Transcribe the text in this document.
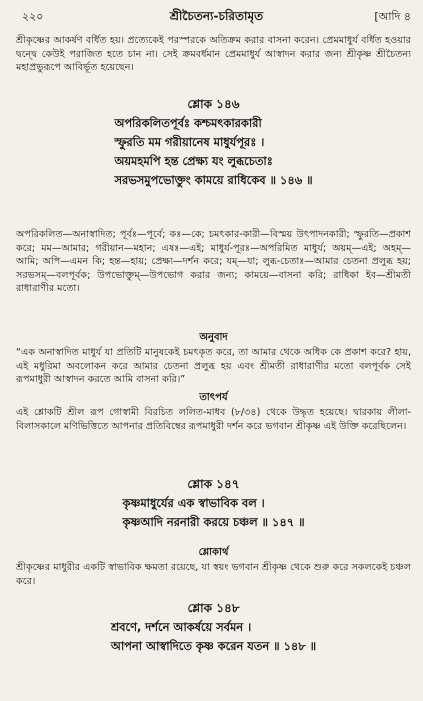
২২০	শ্রীচৈতন্য-চরিতামৃত	[আদি ৪

শ্রীকৃষ্ণের আকর্ষণ বর্ধিত হয়। প্রত্যেকেই পরস্পরকে অতিক্রম করার বাসনা করেন। প্রেমমাধুর্য বর্ধিত হওয়ার দ্বন্দ্বে কেউই পরাজিত হতে চান না। সেই ক্রমবর্ধমান প্রেমমাধুর্য আস্বাদন করার জন্য শ্রীকৃষ্ণ শ্রীচৈতন্য মহাপ্রভুরূপে আবির্ভূত হয়েছেন।

শ্লোক ১৪৬
অপরিকলিতপূর্বঃ কশ্চমৎকারকারী
স্ফুরতি মম গরীয়ানেষ মাধুর্যপূরঃ ।
অয়মহমপি হন্ত প্রেক্ষ্য যং লুব্ধচেতাঃ
সরভসমুপভোক্তুং কাময়ে রাধিকেব ॥ ১৪৬ ॥

অপরিকলিত—অনাস্বাদিত; পূর্বঃ—পূর্বে; কঃ—কে; চমৎকার-কারী—বিস্ময় উৎপাদনকারী; স্ফুরতি—প্রকাশ করে; মম—আমার; গরীয়ান—মহান; এষঃ—এই; মাধুর্য-পূরঃ—অপরিমিত মাধুর্য; অয়ম্—এই; অহম্—আমি; অপি—এমন কি; হন্ত—হায়; প্রেক্ষ্য—দর্শন করে; যম্—যা; লুব্ধ-চেতাঃ—আমার চেতনা প্রলুব্ধ হয়; সরভসম্—বলপূর্বক; উপভোক্তুম্—উপভোগ করার জন্য; কাময়ে—বাসনা করি; রাধিকা ইব—শ্রীমতী রাধারাণীর মতো।

অনুবাদ

“এক অনাস্বাদিত মাধুর্য যা প্রতিটি মানুষকেই চমৎকৃত করে, তা আমার থেকে অধিক কে প্রকাশ করে? হায়, এই মধুরিমা অবলোকন করে আমার চেতনা প্রলুব্ধ হয় এবং শ্রীমতী রাধারাণীর মতো বলপূর্বক সেই রূপমাধুরী আস্বাদন করতে আমি বাসনা করি।”

তাৎপর্য

এই শ্লোকটি শ্রীল রূপ গোস্বামী বিরচিত ললিত-মাধব (৮/৩৪) থেকে উদ্ধৃত হয়েছে। দ্বারকায় লীলা-বিলাসকালে মণিভিত্তিতে আপনার প্রতিবিম্বের রূপমাধুরী দর্শন করে ভগবান শ্রীকৃষ্ণ এই উক্তি করেছিলেন।

শ্লোক ১৪৭
কৃষ্ণমাধুর্যের এক স্বাভাবিক বল ।
কৃষ্ণআদি নরনারী করয়ে চঞ্চল ॥ ১৪৭ ॥
শ্লোকার্থ

শ্রীকৃষ্ণের মাধুরীর একটি স্বাভাবিক ক্ষমতা রয়েছে, যা স্বয়ং ভগবান শ্রীকৃষ্ণ থেকে শুরু করে সকলকেই চঞ্চল করে।

শ্লোক ১৪৮
শ্রবণে, দর্শনে আকর্ষয়ে সর্বমন ।
আপনা আস্বাদিতে কৃষ্ণ করেন যতন ॥ ১৪৮ ॥
